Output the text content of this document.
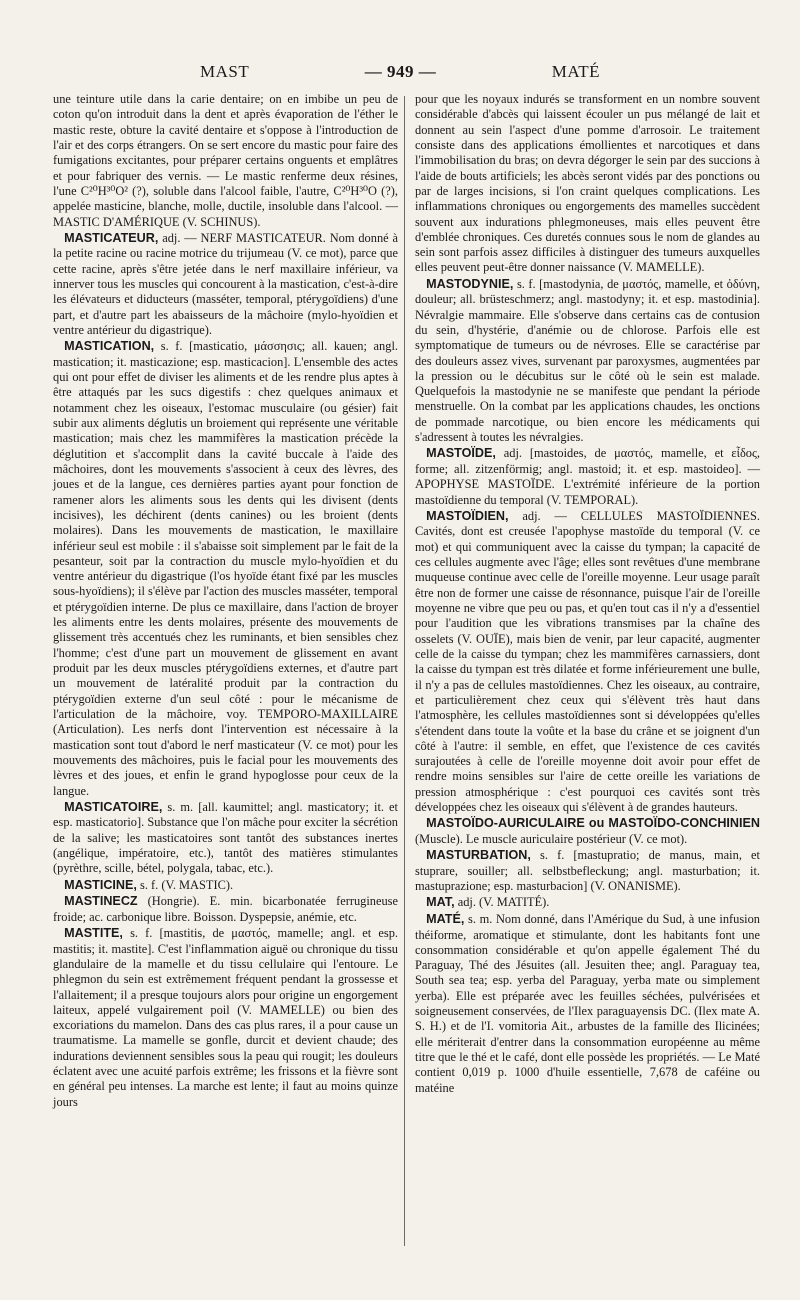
MAST	— 949 —	MATÉ

une teinture utile dans la carie dentaire; on en imbibe un peu de coton qu'on introduit dans la dent et après évaporation de l'éther le mastic reste, obture la cavité dentaire et s'oppose à l'introduction de l'air et des corps étrangers. On se sert encore du mastic pour faire des fumigations excitantes, pour préparer certains onguents et emplâtres et pour fabriquer des vernis. — Le mastic renferme deux résines, l'une C²⁰H³⁰O² (?), soluble dans l'alcool faible, l'autre, C²⁰H³⁰O (?), appelée masticine, blanche, molle, ductile, insoluble dans l'alcool. — MASTIC D'AMÉRIQUE (V. SCHINUS).

MASTICATEUR, adj. — NERF MASTICATEUR. Nom donné à la petite racine ou racine motrice du trijumeau (V. ce mot), parce que cette racine, après s'être jetée dans le nerf maxillaire inférieur, va innerver tous les muscles qui concourent à la mastication, c'est-à-dire les élévateurs et diducteurs (masséter, temporal, ptérygoïdiens) d'une part, et d'autre part les abaisseurs de la mâchoire (mylo-hyoïdien et ventre antérieur du digastrique).

MASTICATION, s. f. [masticatio, μάσσησις; all. kauen; angl. mastication; it. masticazione; esp. masticacion]. L'ensemble des actes qui ont pour effet de diviser les aliments et de les rendre plus aptes à être attaqués par les sucs digestifs : chez quelques animaux et notamment chez les oiseaux, l'estomac musculaire (ou gésier) fait subir aux aliments déglutis un broiement qui représente une véritable mastication; mais chez les mammifères la mastication précède la déglutition et s'accomplit dans la cavité buccale à l'aide des mâchoires, dont les mouvements s'associent à ceux des lèvres, des joues et de la langue, ces dernières parties ayant pour fonction de ramener alors les aliments sous les dents qui les divisent (dents incisives), les déchirent (dents canines) ou les broient (dents molaires). Dans les mouvements de mastication, le maxillaire inférieur seul est mobile : il s'abaisse soit simplement par le fait de la pesanteur, soit par la contraction du muscle mylo-hyoïdien et du ventre antérieur du digastrique (l'os hyoïde étant fixé par les muscles sous-hyoïdiens); il s'élève par l'action des muscles masséter, temporal et ptérygoïdien interne. De plus ce maxillaire, dans l'action de broyer les aliments entre les dents molaires, présente des mouvements de glissement très accentués chez les ruminants, et bien sensibles chez l'homme; c'est d'une part un mouvement de glissement en avant produit par les deux muscles ptérygoïdiens externes, et d'autre part un mouvement de latéralité produit par la contraction du ptérygoïdien externe d'un seul côté : pour le mécanisme de l'articulation de la mâchoire, voy. TEMPORO-MAXILLAIRE (Articulation). Les nerfs dont l'intervention est nécessaire à la mastication sont tout d'abord le nerf masticateur (V. ce mot) pour les mouvements des mâchoires, puis le facial pour les mouvements des lèvres et des joues, et enfin le grand hypoglosse pour ceux de la langue.

MASTICATOIRE, s. m. [all. kaumittel; angl. masticatory; it. et esp. masticatorio]. Substance que l'on mâche pour exciter la sécrétion de la salive; les masticatoires sont tantôt des substances inertes (angélique, impératoire, etc.), tantôt des matières stimulantes (pyrèthre, scille, bétel, polygala, tabac, etc.).

MASTICINE, s. f. (V. MASTIC).

MASTINECZ (Hongrie). E. min. bicarbonatée ferrugineuse froide; ac. carbonique libre. Boisson. Dyspepsie, anémie, etc.

MASTITE, s. f. [mastitis, de μαστός, mamelle; angl. et esp. mastitis; it. mastite]. C'est l'inflammation aiguë ou chronique du tissu glandulaire de la mamelle et du tissu cellulaire qui l'entoure. Le phlegmon du sein est extrêmement fréquent pendant la grossesse et l'allaitement; il a presque toujours alors pour origine un engorgement laiteux, appelé vulgairement poil (V. MAMELLE) ou bien des excoriations du mamelon. Dans des cas plus rares, il a pour cause un traumatisme. La mamelle se gonfle, durcit et devient chaude; des indurations deviennent sensibles sous la peau qui rougit; les douleurs éclatent avec une acuité parfois extrême; les frissons et la fièvre sont en général peu intenses. La marche est lente; il faut au moins quinze jours

pour que les noyaux indurés se transforment en un nombre souvent considérable d'abcès qui laissent écouler un pus mélangé de lait et donnent au sein l'aspect d'une pomme d'arrosoir. Le traitement consiste dans des applications émollientes et narcotiques et dans l'immobilisation du bras; on devra dégorger le sein par des succions à l'aide de bouts artificiels; les abcès seront vidés par des ponctions ou par de larges incisions, si l'on craint quelques complications. Les inflammations chroniques ou engorgements des mamelles succèdent souvent aux indurations phlegmoneuses, mais elles peuvent être d'emblée chroniques. Ces duretés connues sous le nom de glandes au sein sont parfois assez difficiles à distinguer des tumeurs auxquelles elles peuvent peut-être donner naissance (V. MAMELLE).

MASTODYNIE, s. f. [mastodynia, de μαστός, mamelle, et ὀδύνη, douleur; all. brüsteschmerz; angl. mastodyny; it. et esp. mastodinia]. Névralgie mammaire. Elle s'observe dans certains cas de contusion du sein, d'hystérie, d'anémie ou de chlorose. Parfois elle est symptomatique de tumeurs ou de névroses. Elle se caractérise par des douleurs assez vives, survenant par paroxysmes, augmentées par la pression ou le décubitus sur le côté où le sein est malade. Quelquefois la mastodynie ne se manifeste que pendant la période menstruelle. On la combat par les applications chaudes, les onctions de pommade narcotique, ou bien encore les médicaments qui s'adressent à toutes les névralgies.

MASTOÏDE, adj. [mastoides, de μαστός, mamelle, et εἶδος, forme; all. zitzenförmig; angl. mastoid; it. et esp. mastoideo]. — APOPHYSE MASTOÏDE. L'extrémité inférieure de la portion mastoïdienne du temporal (V. TEMPORAL).

MASTOÏDIEN, adj. — CELLULES MASTOÏDIENNES. Cavités, dont est creusée l'apophyse mastoïde du temporal (V. ce mot) et qui communiquent avec la caisse du tympan; la capacité de ces cellules augmente avec l'âge; elles sont revêtues d'une membrane muqueuse continue avec celle de l'oreille moyenne. Leur usage paraît être non de former une caisse de résonnance, puisque l'air de l'oreille moyenne ne vibre que peu ou pas, et qu'en tout cas il n'y a d'essentiel pour l'audition que les vibrations transmises par la chaîne des osselets (V. OUÏE), mais bien de venir, par leur capacité, augmenter celle de la caisse du tympan; chez les mammifères carnassiers, dont la caisse du tympan est très dilatée et forme inférieurement une bulle, il n'y a pas de cellules mastoïdiennes. Chez les oiseaux, au contraire, et particulièrement chez ceux qui s'élèvent très haut dans l'atmosphère, les cellules mastoïdiennes sont si développées qu'elles s'étendent dans toute la voûte et la base du crâne et se joignent d'un côté à l'autre: il semble, en effet, que l'existence de ces cavités surajoutées à celle de l'oreille moyenne doit avoir pour effet de rendre moins sensibles sur l'aire de cette oreille les variations de pression atmosphérique : c'est pourquoi ces cavités sont très développées chez les oiseaux qui s'élèvent à de grandes hauteurs.

MASTOÏDO-AURICULAIRE ou MASTOÏDO-CONCHINIEN (Muscle). Le muscle auriculaire postérieur (V. ce mot).

MASTURBATION, s. f. [mastupratio; de manus, main, et stuprare, souiller; all. selbstbefleckung; angl. masturbation; it. mastuprazione; esp. masturbacion] (V. ONANISME).

MAT, adj. (V. MATITÉ).

MATÉ, s. m. Nom donné, dans l'Amérique du Sud, à une infusion théiforme, aromatique et stimulante, dont les habitants font une consommation considérable et qu'on appelle également Thé du Paraguay, Thé des Jésuites (all. Jesuiten thee; angl. Paraguay tea, South sea tea; esp. yerba del Paraguay, yerba mate ou simplement yerba). Elle est préparée avec les feuilles séchées, pulvérisées et soigneusement conservées, de l'Ilex paraguayensis DC. (Ilex mate A. S. H.) et de l'I. vomitoria Ait., arbustes de la famille des Ilicinées; elle mériterait d'entrer dans la consommation européenne au même titre que le thé et le café, dont elle possède les propriétés. — Le Maté contient 0,019 p. 1000 d'huile essentielle, 7,678 de caféine ou matéine
